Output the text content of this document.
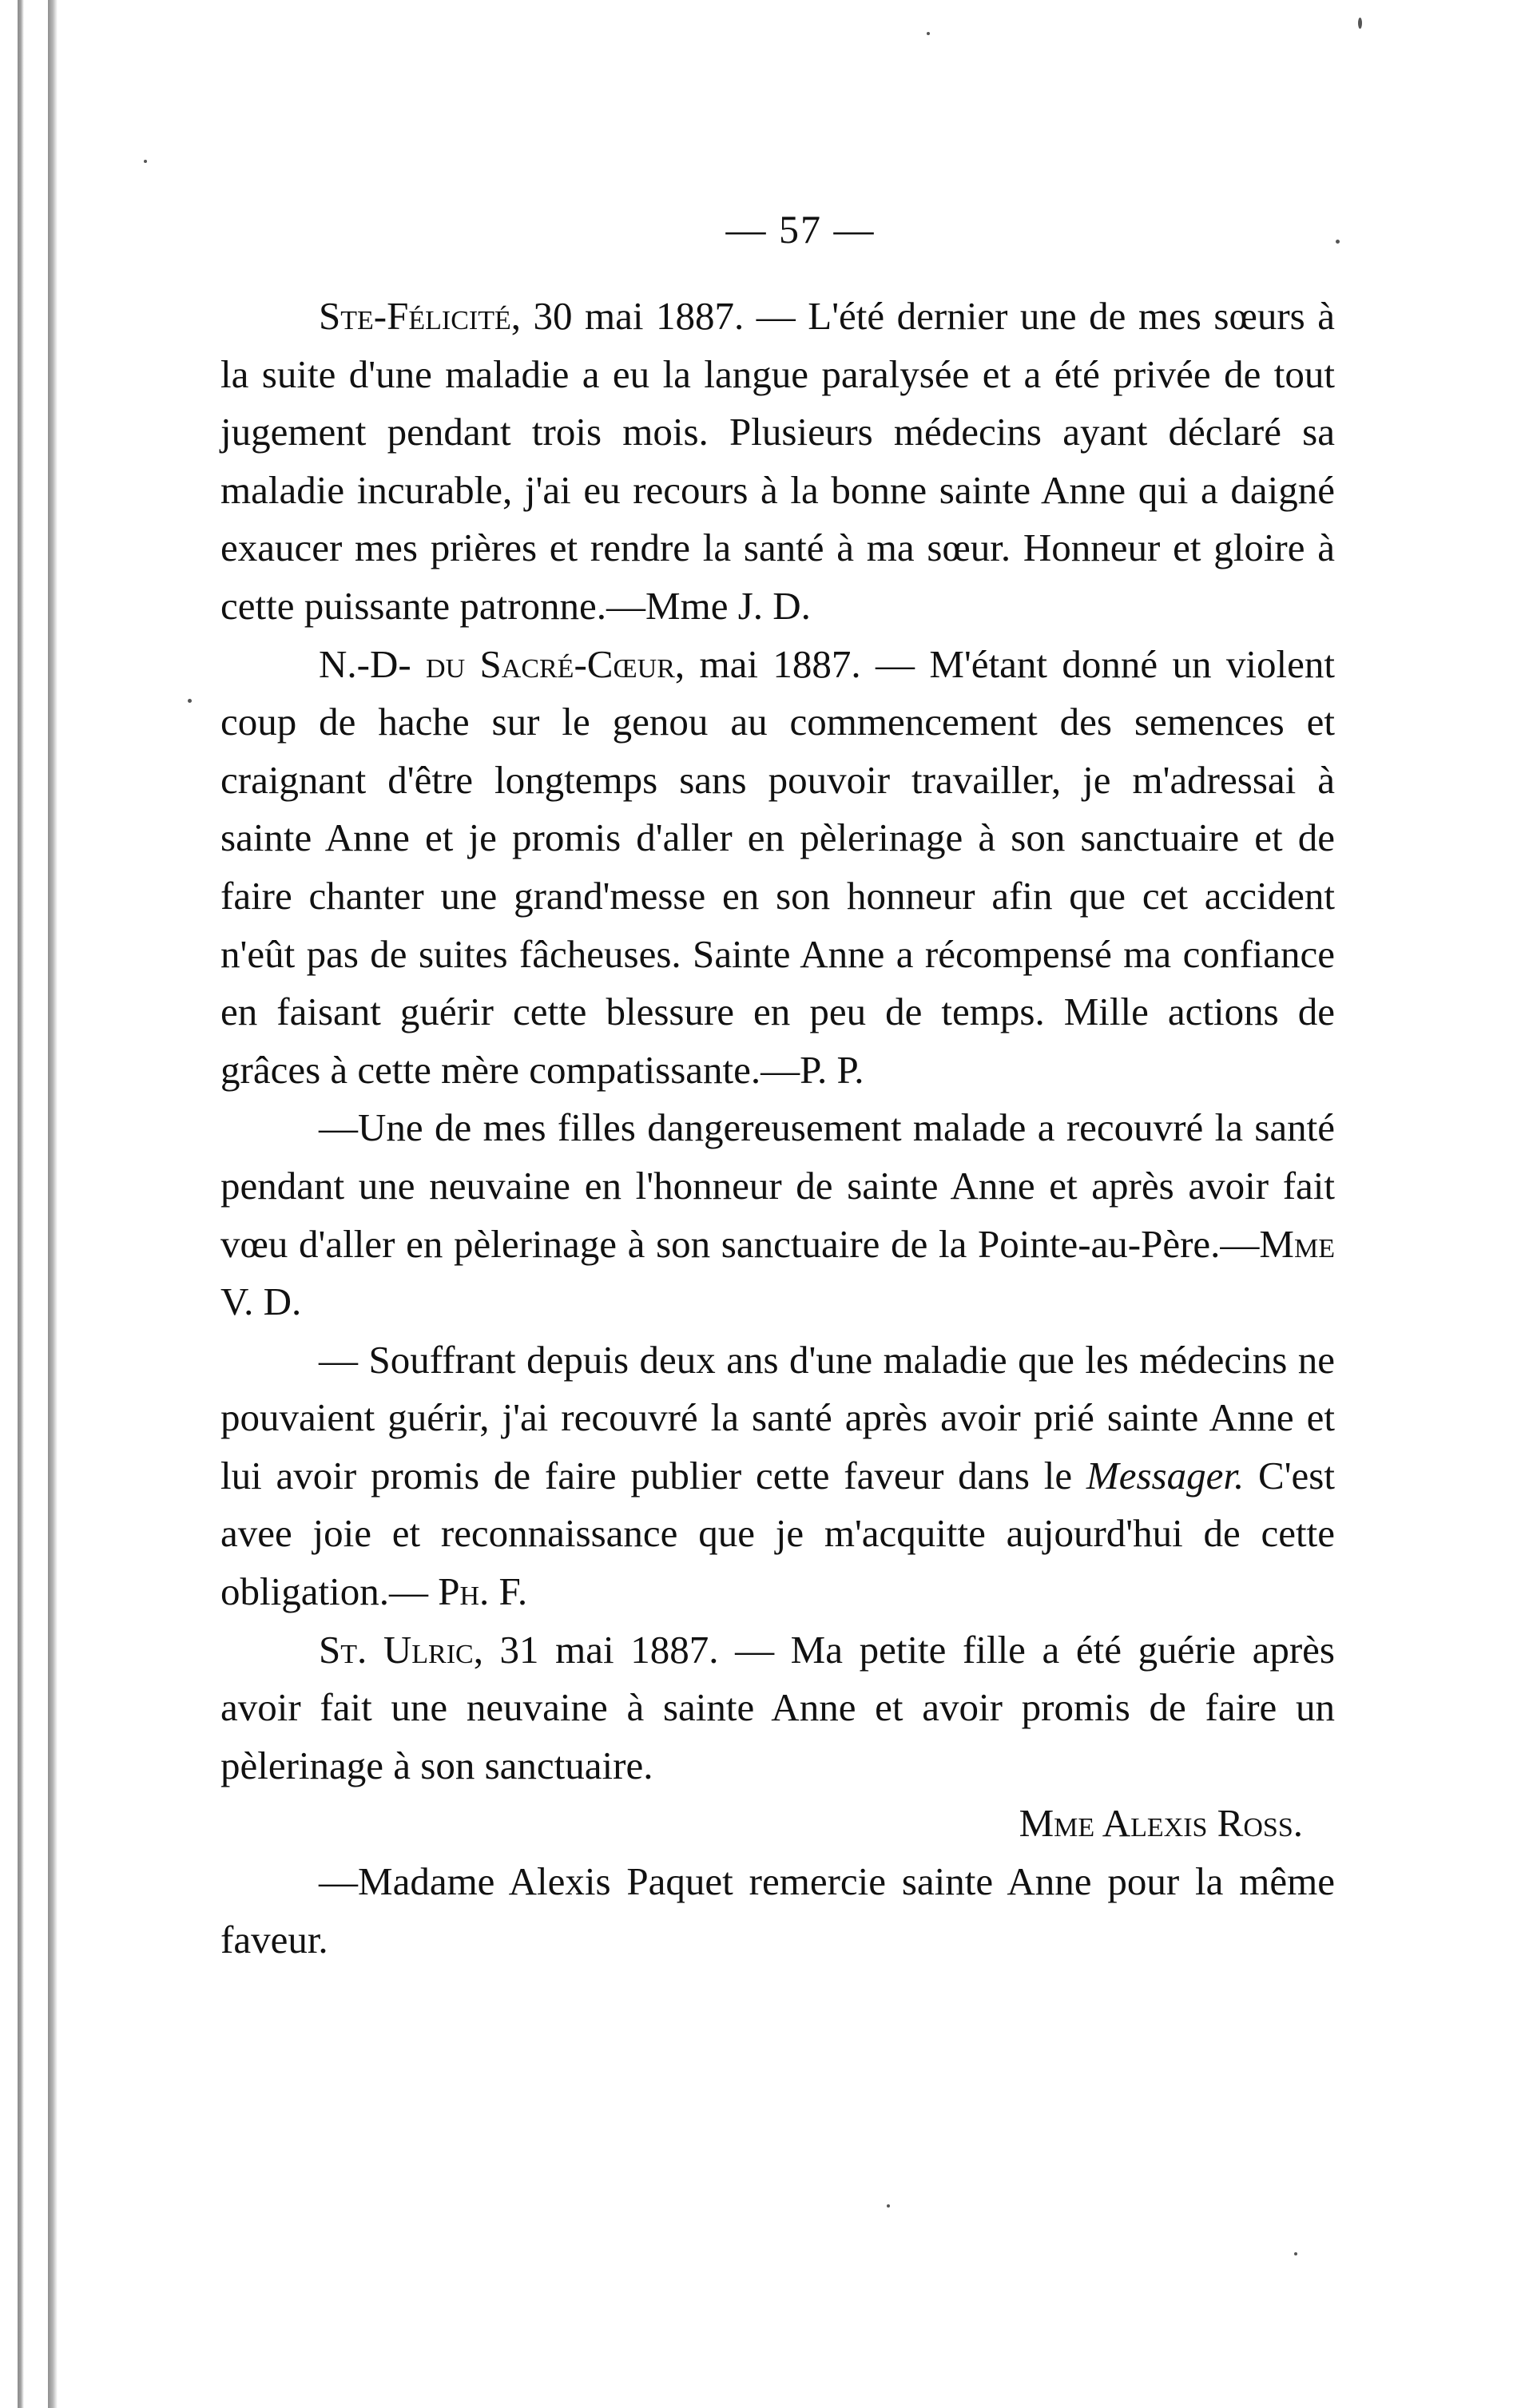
— 57 —

Ste-Félicité, 30 mai 1887. — L'été dernier une de mes sœurs à la suite d'une maladie a eu la langue paralysée et a été privée de tout jugement pendant trois mois. Plusieurs médecins ayant déclaré sa maladie incurable, j'ai eu recours à la bonne sainte Anne qui a daigné exaucer mes prières et rendre la santé à ma sœur. Honneur et gloire à cette puissante patronne.—Mme J. D.

N.-D- du Sacré-Cœur, mai 1887. — M'étant donné un violent coup de hache sur le genou au commencement des semences et craignant d'être longtemps sans pouvoir travailler, je m'adressai à sainte Anne et je promis d'aller en pèlerinage à son sanctuaire et de faire chanter une grand'messe en son honneur afin que cet accident n'eût pas de suites fâcheuses. Sainte Anne a récompensé ma confiance en faisant guérir cette blessure en peu de temps. Mille actions de grâces à cette mère compatissante.—P. P.

—Une de mes filles dangereusement malade a recouvré la santé pendant une neuvaine en l'honneur de sainte Anne et après avoir fait vœu d'aller en pèlerinage à son sanctuaire de la Pointe-au-Père.—Mme V. D.

— Souffrant depuis deux ans d'une maladie que les médecins ne pouvaient guérir, j'ai recouvré la santé après avoir prié sainte Anne et lui avoir promis de faire publier cette faveur dans le Messager. C'est avee joie et reconnaissance que je m'acquitte aujourd'hui de cette obligation.— Ph. F.

St. Ulric, 31 mai 1887. — Ma petite fille a été guérie après avoir fait une neuvaine à sainte Anne et avoir promis de faire un pèlerinage à son sanctuaire.

Mme Alexis Ross.

—Madame Alexis Paquet remercie sainte Anne pour la même faveur.
